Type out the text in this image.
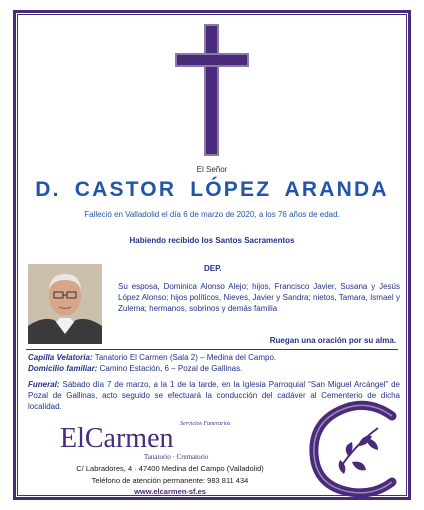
El Señor
D. CASTOR LÓPEZ ARANDA
Falleció en Valladolid el día 6 de marzo de 2020, a los 76 años de edad.
Habiendo recibido los Santos Sacramentos
DEP.
Su esposa, Dominica Alonso Alejo; hijos, Francisco Javier, Susana y Jesús López Alonso; hijos políticos, Nieves, Javier y Sandra; nietos, Tamara, Ismael y Zulema; hermanos, sobrinos y demás familia
Ruegan una oración por su alma.
Capilla Velatoria: Tanatorio El Carmen (Sala 2) – Medina del Campo.
Domicilio familiar: Camino Estación, 6 – Pozal de Gallinas.
Funeral: Sábado día 7 de marzo, a la 1 de la tarde, en la Iglesia Parroquial “San Miguel Arcángel” de Pozal de Gallinas, acto seguido se efectuará la conducción del cadáver al Cementerio de dicha localidad.
ElCarmen Servicios Funerarios
Tanatorio · Crematorio
C/ Labradores, 4 · 47400 Medina del Campo (Valladolid)
Teléfono de atención permanente: 983 811 434
www.elcarmen-sf.es
